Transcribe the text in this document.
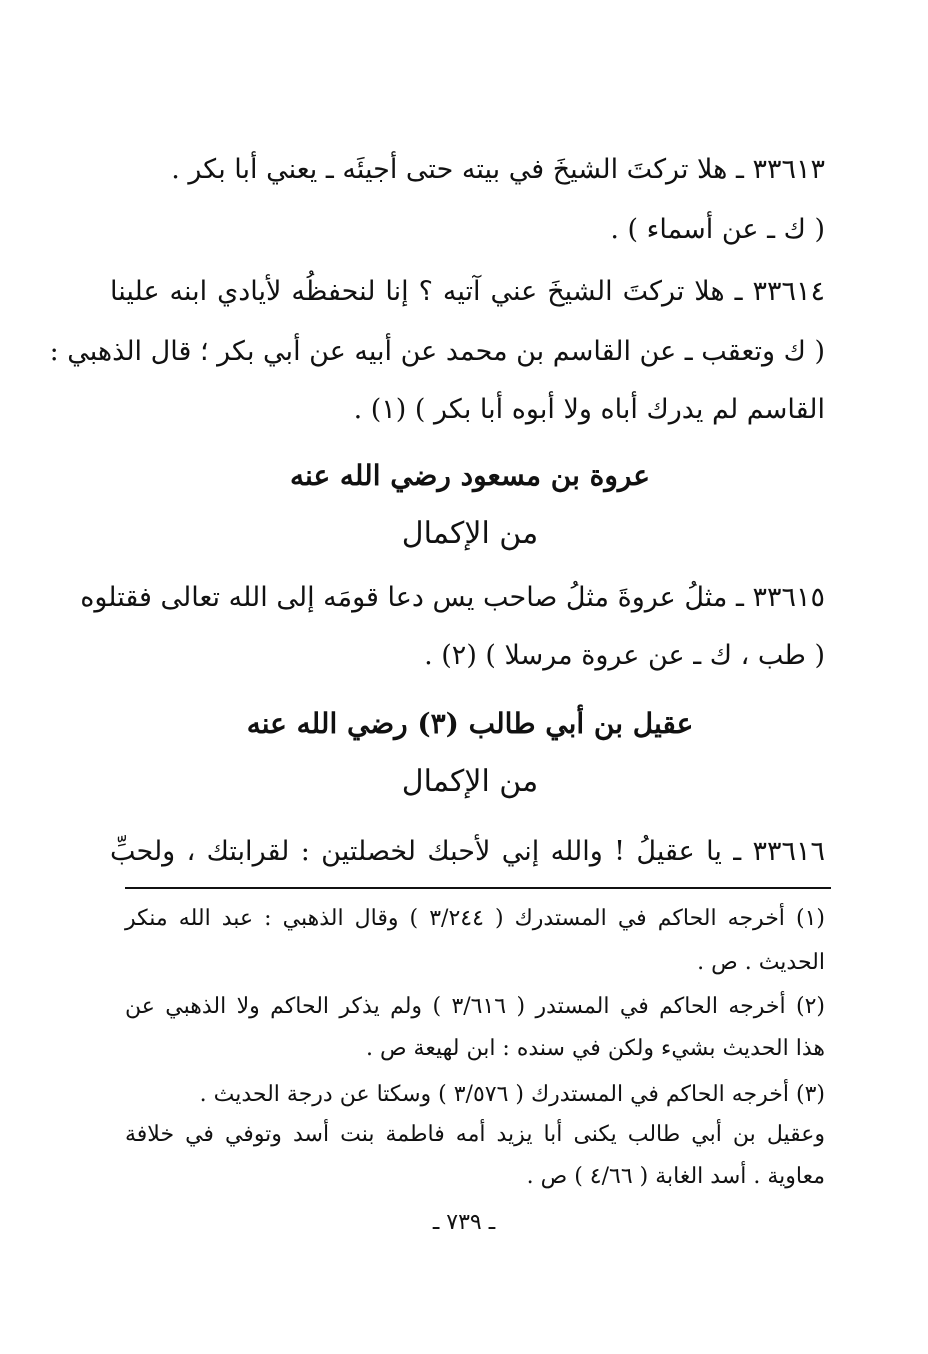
٣٣٦١٣ ـ هلا تركتَ الشيخَ في بيته حتى أجيئَه ـ يعني أبا بكر .
( ك ـ عن أسماء ) .
٣٣٦١٤ ـ هلا تركتَ الشيخَ عني آتيه ؟ إنا لنحفظُه لأيادي ابنه علينا
( ك وتعقب ـ عن القاسم بن محمد عن أبيه عن أبي بكر ؛ قال الذهبي :
القاسم لم يدرك أباه ولا أبوه أبا بكر ) (١) .
عروة بن مسعود رضي الله عنه
من الإكمال
٣٣٦١٥ ـ مثلُ عروةَ مثلُ صاحب يس دعا قومَه إلى الله تعالى فقتلوه
( طب ، ك ـ عن عروة مرسلا ) (٢) .
عقيل بن أبي طالب (٣) رضي الله عنه
من الإكمال
٣٣٦١٦ ـ يا عقيلُ ! والله إني لأحبك لخصلتين : لقرابتك ، ولحبِّ
(١) أخرجه الحاكم في المستدرك ( ٣/٢٤٤ ) وقال الذهبي : عبد الله منكر
الحديث . ص .
(٢) أخرجه الحاكم في المستدر ( ٣/٦١٦ ) ولم يذكر الحاكم ولا الذهبي عن
هذا الحديث بشيء ولكن في سنده : ابن لهيعة ص .
(٣) أخرجه الحاكم في المستدرك ( ٣/٥٧٦ ) وسكتا عن درجة الحديث .
وعقيل بن أبي طالب يكنى أبا يزيد أمه فاطمة بنت أسد وتوفي في خلافة
معاوية . أسد الغابة ( ٤/٦٦ ) ص .
ـ ٧٣٩ ـ
